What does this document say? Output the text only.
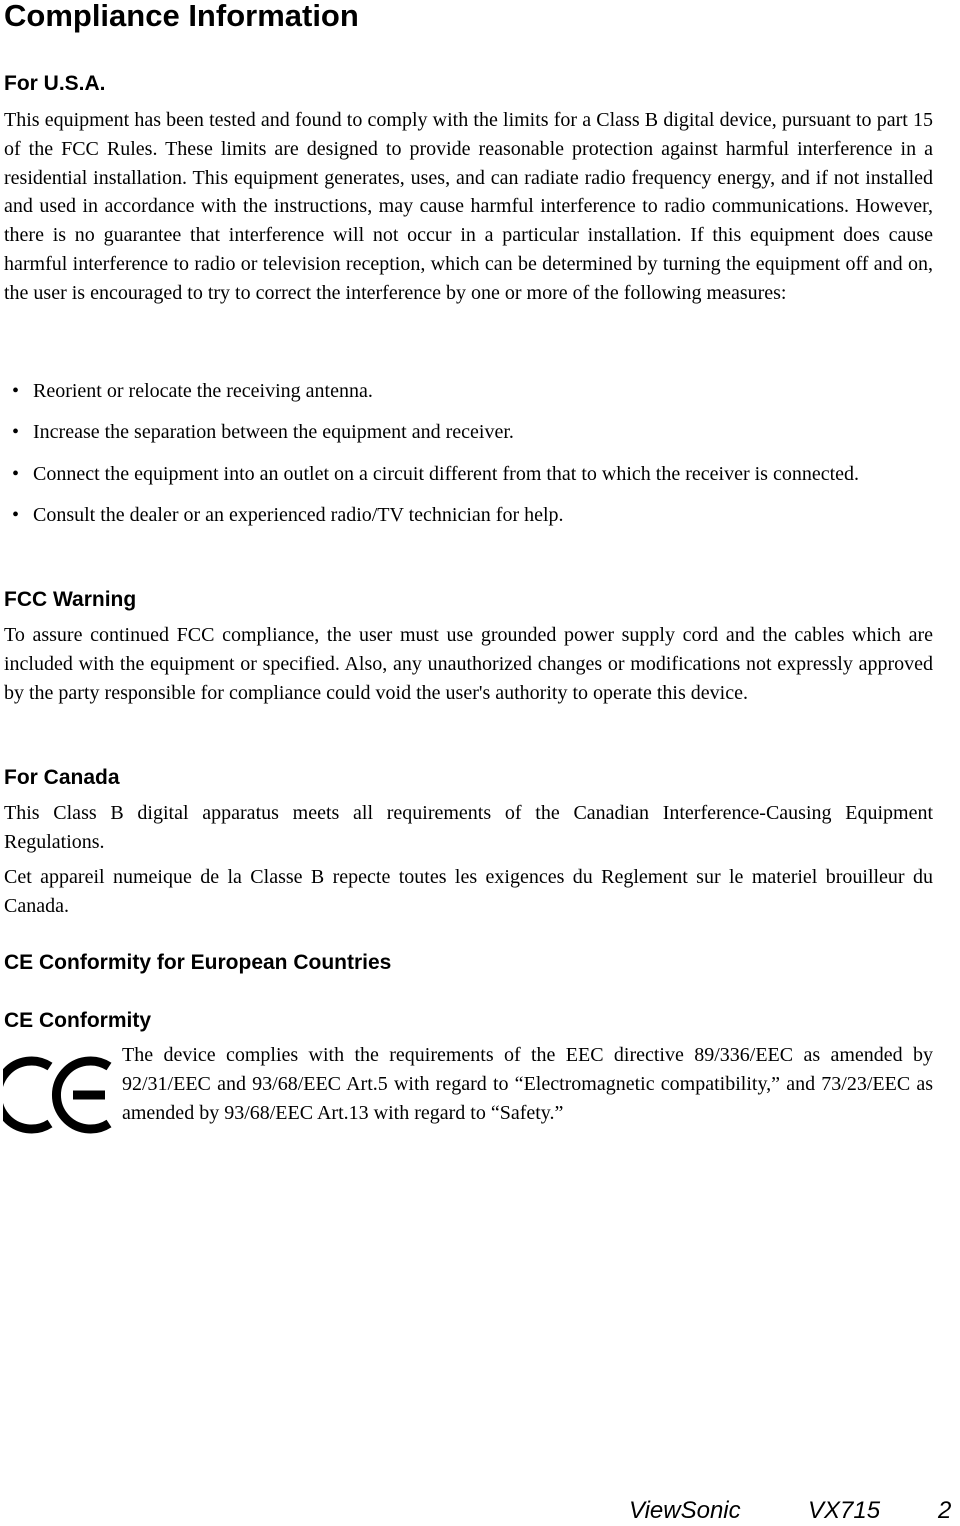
Compliance Information
For U.S.A.

This equipment has been tested and found to comply with the limits for a Class B digital device, pursuant to part 15 of the FCC Rules. These limits are designed to provide reasonable protection against harmful interference in a residential installation. This equipment generates, uses, and can radiate radio frequency energy, and if not installed and used in accordance with the instructions, may cause harmful interference to radio communications. However, there is no guarantee that interference will not occur in a particular installation. If this equipment does cause harmful interference to radio or television reception, which can be determined by turning the equipment off and on, the user is encouraged to try to correct the interference by one or more of the following measures:

• Reorient or relocate the receiving antenna.
• Increase the separation between the equipment and receiver.
• Connect the equipment into an outlet on a circuit different from that to which the receiver is connected.
• Consult the dealer or an experienced radio/TV technician for help.
FCC Warning

To assure continued FCC compliance, the user must use grounded power supply cord and the cables which are included with the equipment or specified. Also, any unauthorized changes or modifications not expressly approved by the party responsible for compliance could void the user's authority to operate this device.

For Canada

This Class B digital apparatus meets all requirements of the Canadian Interference-Causing Equipment Regulations.

Cet appareil numeique de la Classe B repecte toutes les exigences du Reglement sur le materiel brouilleur du Canada.

CE Conformity for European Countries
CE Conformity

The device complies with the requirements of the EEC directive 89/336/EEC as amended by 92/31/EEC and 93/68/EEC Art.5 with regard to “Electromagnetic compatibility,” and 73/23/EEC as amended by 93/68/EEC Art.13 with regard to “Safety.”

ViewSonic	VX715 2
